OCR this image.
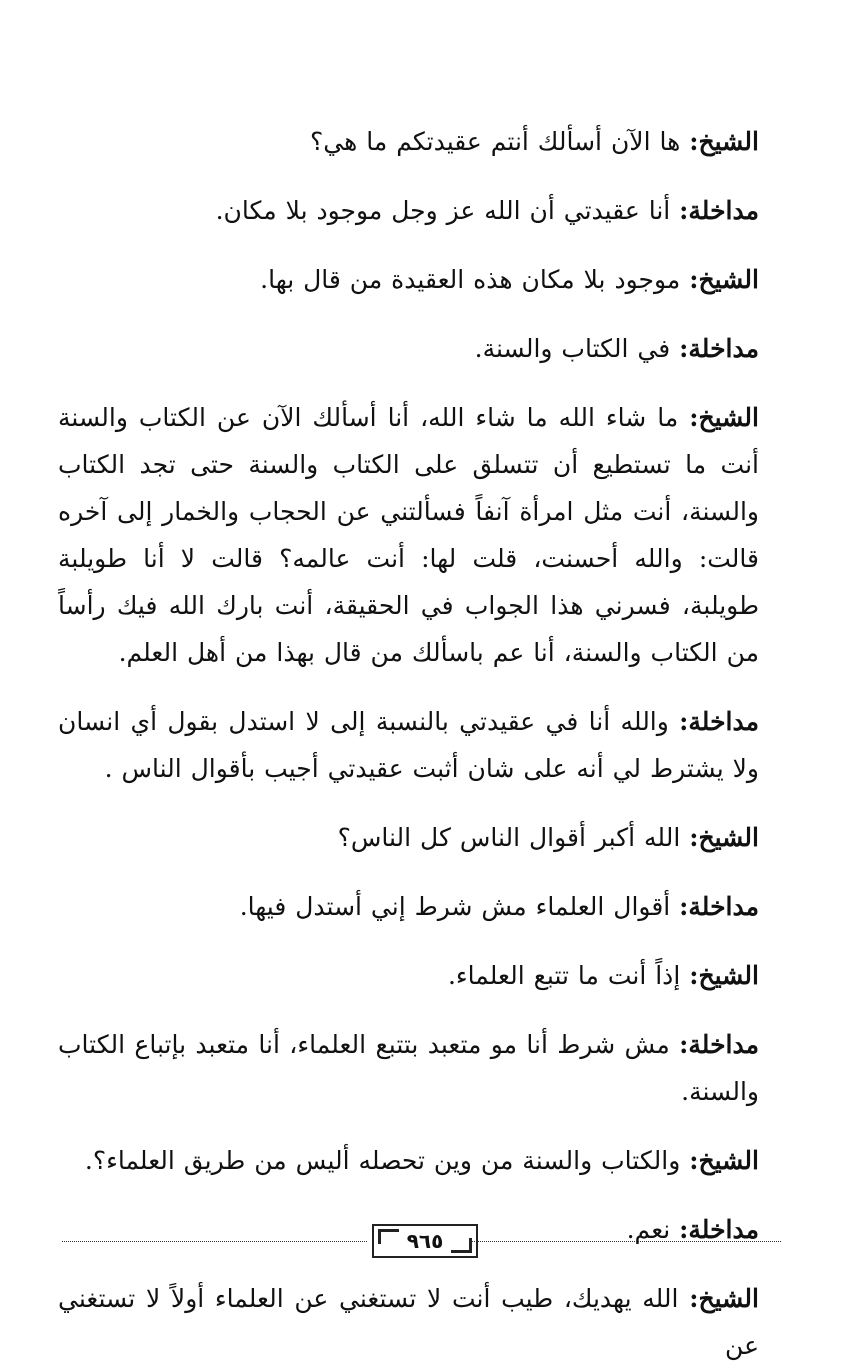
الشيخ: ها الآن أسألك أنتم عقيدتكم ما هي؟

مداخلة: أنا عقيدتي أن الله عز وجل موجود بلا مكان.

الشيخ: موجود بلا مكان هذه العقيدة من قال بها.

مداخلة: في الكتاب والسنة.

الشيخ: ما شاء الله ما شاء الله، أنا أسألك الآن عن الكتاب والسنة أنت ما تستطيع أن تتسلق على الكتاب والسنة حتى تجد الكتاب والسنة، أنت مثل امرأة آنفاً فسألتني عن الحجاب والخمار إلى آخره قالت: والله أحسنت، قلت لها: أنت عالمه؟ قالت لا أنا طويلبة طويلبة، فسرني هذا الجواب في الحقيقة، أنت بارك الله فيك رأساً من الكتاب والسنة، أنا عم باسألك من قال بهذا من أهل العلم.

مداخلة: والله أنا في عقيدتي بالنسبة إلى لا استدل بقول أي انسان ولا يشترط لي أنه على شان أثبت عقيدتي أجيب بأقوال الناس .

الشيخ: الله أكبر أقوال الناس كل الناس؟

مداخلة: أقوال العلماء مش شرط إني أستدل فيها.

الشيخ: إذاً أنت ما تتبع العلماء.

مداخلة: مش شرط أنا مو متعبد بتتبع العلماء، أنا متعبد بإتباع الكتاب والسنة.

الشيخ: والكتاب والسنة من وين تحصله أليس من طريق العلماء؟.

مداخلة: نعم.

الشيخ: الله يهديك، طيب أنت لا تستغني عن العلماء أولاً لا تستغني عن

٩٦٥
